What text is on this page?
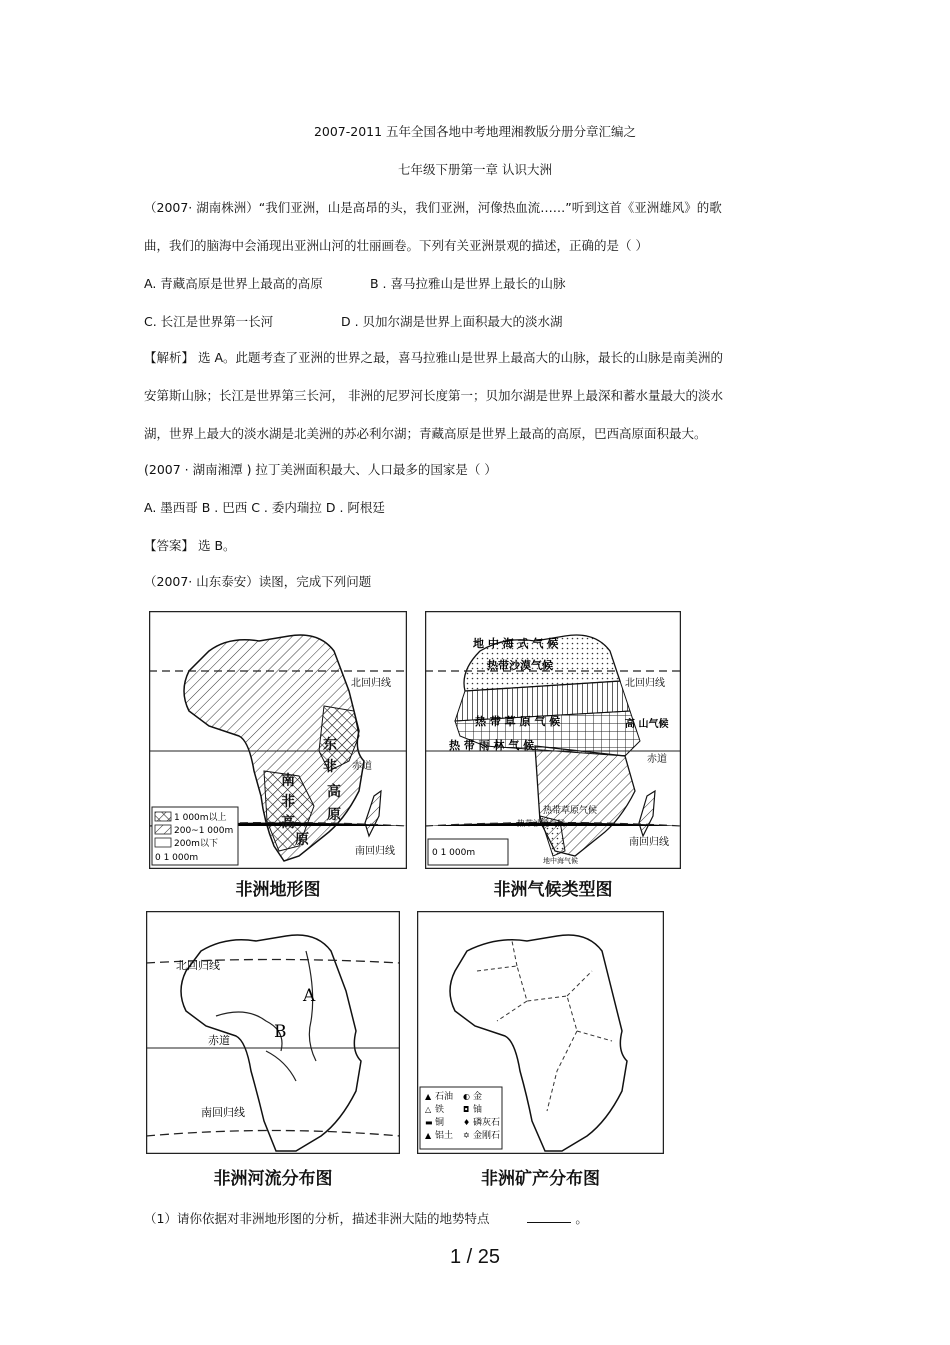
2007-2011 五年全国各地中考地理湘教版分册分章汇编之
七年级下册第一章 认识大洲
（2007· 湖南株洲）“我们亚洲，山是高昂的头，我们亚洲，河像热血流……”听到这首《亚洲雄风》的歌
曲，我们的脑海中会涌现出亚洲山河的壮丽画卷。下列有关亚洲景观的描述，正确的是（ ）
A. 青藏高原是世界上最高的高原	B . 喜马拉雅山是世界上最长的山脉
C. 长江是世界第一长河	D . 贝加尔湖是世界上面积最大的淡水湖
【解析】 选 A。此题考查了亚洲的世界之最，喜马拉雅山是世界上最高大的山脉，最长的山脉是南美洲的
安第斯山脉；长江是世界第三长河， 非洲的尼罗河长度第一；贝加尔湖是世界上最深和蓄水量最大的淡水
湖，世界上最大的淡水湖是北美洲的苏必利尔湖；青藏高原是世界上最高的高原，巴西高原面积最大。
(2007 · 湖南湘潭 ) 拉丁美洲面积最大、人口最多的国家是（ ）
A. 墨西哥 B . 巴西 C . 委内瑞拉 D . 阿根廷
【答案】 选 B。
（2007· 山东泰安）读图，完成下列问题
北回归线
赤道
南回归线
东
非
高
原
南
非
高
原
1 000m以上
200~1 000m
200m以下
0 1 000m
非洲地形图
北回归线
赤道
南回归线
地 中 海 式 气 候
热带沙漠气候
热 带 草 原 气 候	高 山气候
热 带 雨 林 气 候
热带草原气候
热带沙漠气候
地中海气候
0 1 000m
非洲气候类型图
北回归线
赤道
南回归线
A
B
非洲河流分布图
▲ 石油 ◐ 金
△ 铁 ◘ 铀
▬ 铜 ♦ 磷灰石
▲ 铝土 ✡ 金刚石
非洲矿产分布图
（1）请你依据对非洲地形图的分析，描述非洲大陆的地势特点	。
1 / 25
